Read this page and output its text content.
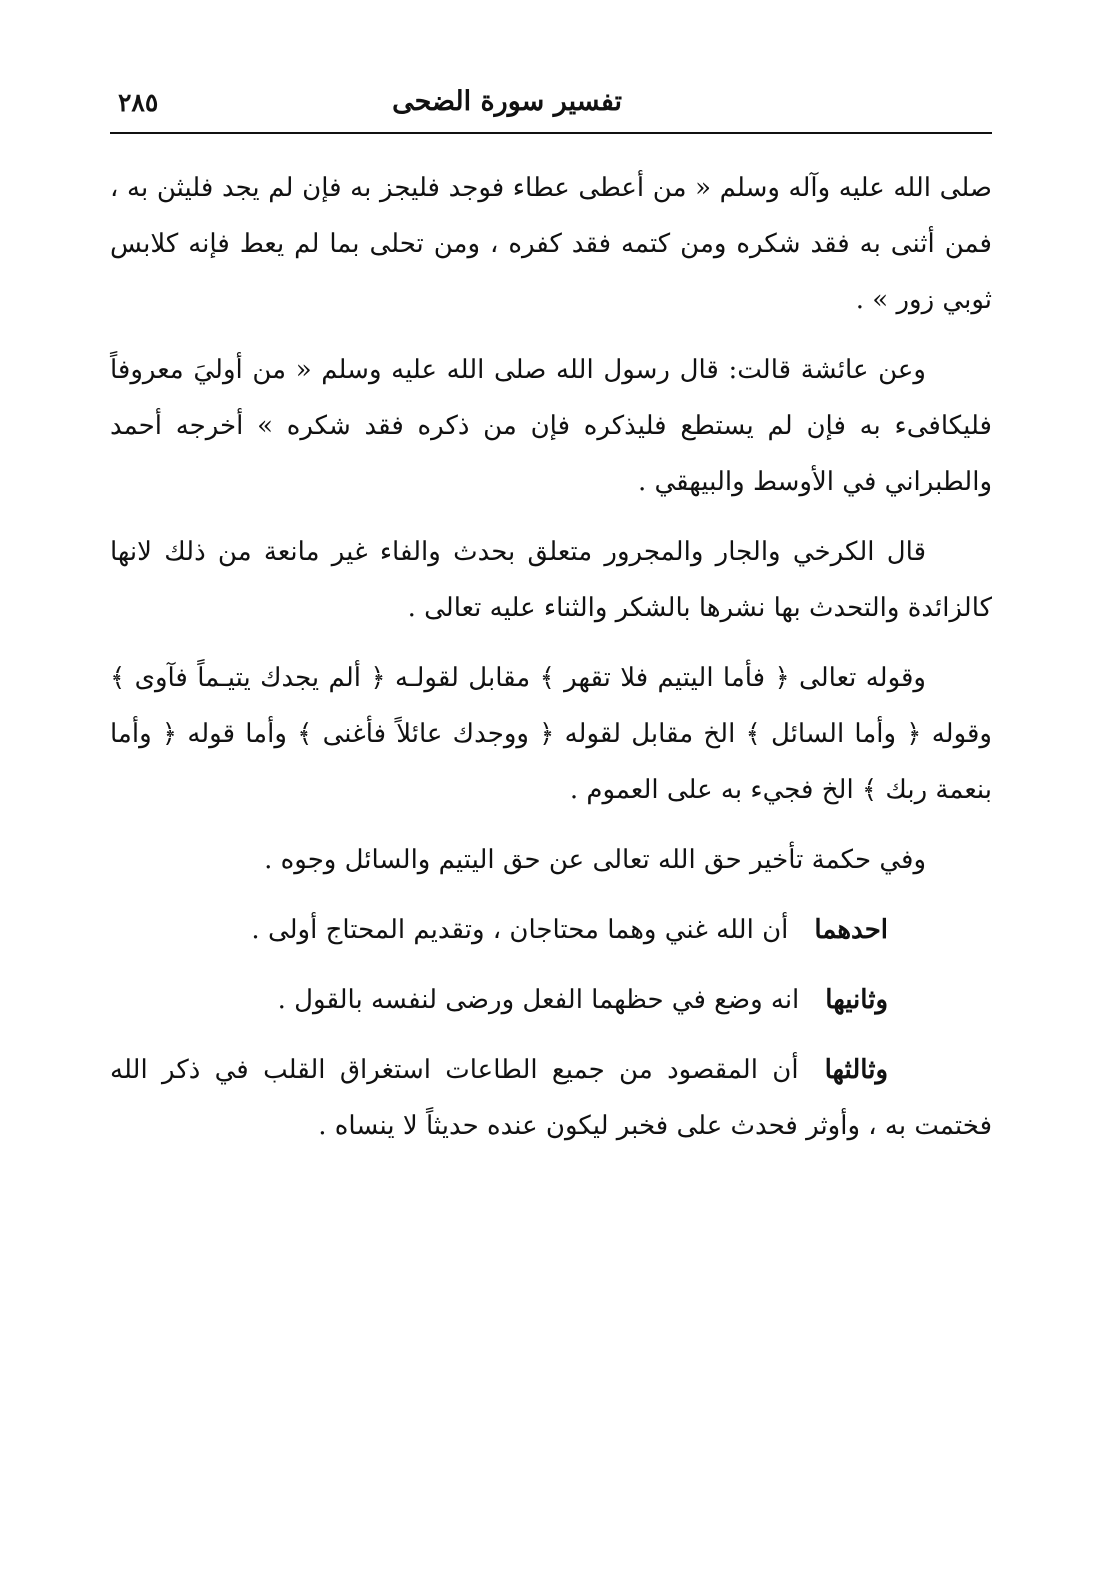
تفسير سورة الضحى
٢٨٥

صلى الله عليه وآله وسلم « من أعطى عطاء فوجد فليجز به فإن لم يجد فليثن به ، فمن أثنى به فقد شكره ومن كتمه فقد كفره ، ومن تحلى بما لم يعط فإنه كلابس ثوبي زور » .

وعن عائشة قالت: قال رسول الله صلى الله عليه وسلم « من أوليَ معروفاً فليكافىء به فإن لم يستطع فليذكره فإن من ذكره فقد شكره » أخرجه أحمد والطبراني في الأوسط والبيهقي .

قال الكرخي والجار والمجرور متعلق بحدث والفاء غير مانعة من ذلك لانها كالزائدة والتحدث بها نشرها بالشكر والثناء عليه تعالى .

وقوله تعالى ﴿ فأما اليتيم فلا تقهر ﴾ مقابل لقولـه ﴿ ألم يجدك يتيـماً فآوى ﴾ وقوله ﴿ وأما السائل ﴾ الخ مقابل لقوله ﴿ ووجدك عائلاً فأغنى ﴾ وأما قوله ﴿ وأما بنعمة ربك ﴾ الخ فجيء به على العموم .

وفي حكمة تأخير حق الله تعالى عن حق اليتيم والسائل وجوه .

احدهماأن الله غني وهما محتاجان ، وتقديم المحتاج أولى .
وثانيهاانه وضع في حظهما الفعل ورضى لنفسه بالقول .
وثالثهاأن المقصود من جميع الطاعات استغراق القلب في ذكر الله فختمت به ، وأوثر فحدث على فخبر ليكون عنده حديثاً لا ينساه .
